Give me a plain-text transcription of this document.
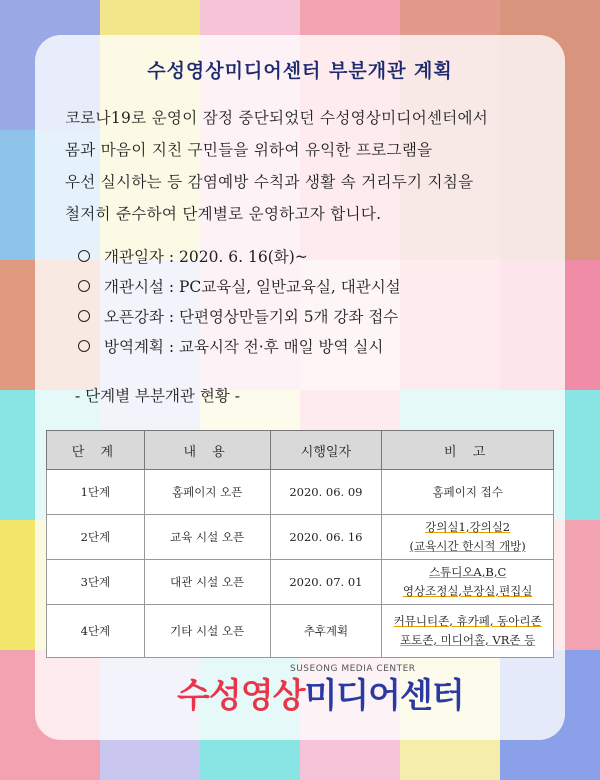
수성영상미디어센터 부분개관 계획

코로나19로 운영이 잠정 중단되었던 수성영상미디어센터에서

몸과 마음이 지친 구민들을 위하여 유익한 프로그램을

우선 실시하는 등 감염예방 수칙과 생활 속 거리두기 지침을

철저히 준수하여 단계별로 운영하고자 합니다.

개관일자 : 2020. 6. 16(화)~
개관시설 : PC교육실, 일반교육실, 대관시설
오픈강좌 : 단편영상만들기외 5개 강좌 접수
방역계획 : 교육시작 전·후 매일 방역 실시
- 단계별 부분개관 현황 -
단 계	내 용	시행일자	비 고
1단계	홈페이지 오픈	2020. 06. 09	홈페이지 접수
2단계	교육 시설 오픈	2020. 06. 16	강의실1,강의실2
(교육시간 한시적 개방)
3단계	대관 시설 오픈	2020. 07. 01	스튜디오A,B,C
영상조정실,분장실,편집실
4단계	기타 시설 오픈	추후계획	커뮤니티존, 휴카페, 동아리존
포토존, 미디어홀, VR존 등
SUSEONG MEDIA CENTER
수성영상미디어센터
